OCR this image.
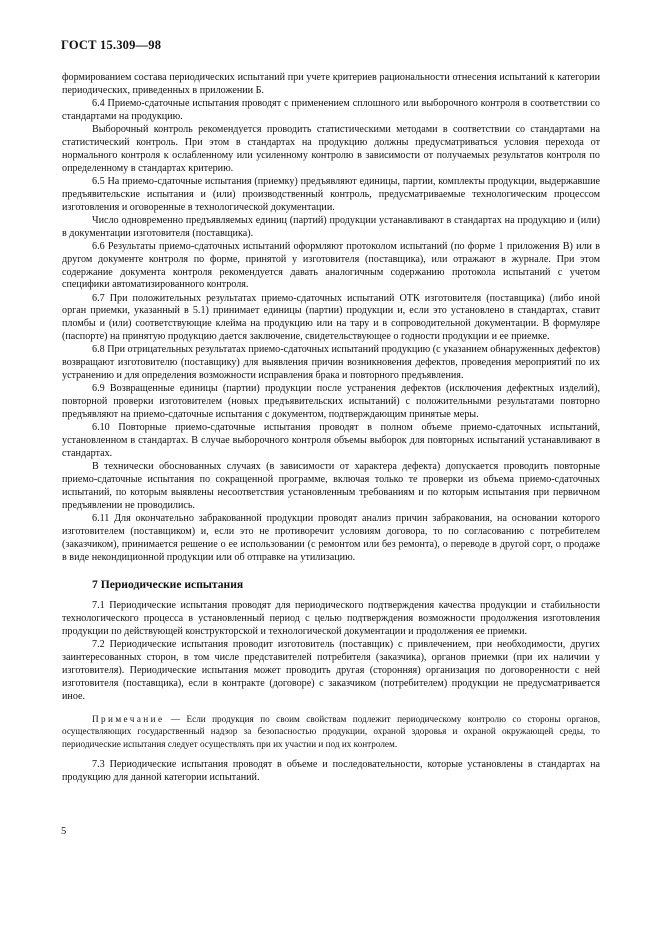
ГОСТ 15.309—98

формированием состава периодических испытаний при учете критериев рациональности отнесения испытаний к категории периодических, приведенных в приложении Б.

6.4 Приемо-сдаточные испытания проводят с применением сплошного или выборочного контроля в соответствии со стандартами на продукцию.

Выборочный контроль рекомендуется проводить статистическими методами в соответствии со стандартами на статистический контроль. При этом в стандартах на продукцию должны предусматриваться условия перехода от нормального контроля к ослабленному или усиленному контролю в зависимости от получаемых результатов контроля по определенному в стандартах критерию.

6.5 На приемо-сдаточные испытания (приемку) предъявляют единицы, партии, комплекты продукции, выдержавшие предъявительские испытания и (или) производственный контроль, предусматриваемые технологическим процессом изготовления и оговоренные в технологической документации.

Число одновременно предъявляемых единиц (партий) продукции устанавливают в стандартах на продукцию и (или) в документации изготовителя (поставщика).

6.6 Результаты приемо-сдаточных испытаний оформляют протоколом испытаний (по форме 1 приложения В) или в другом документе контроля по форме, принятой у изготовителя (поставщика), или отражают в журнале. При этом содержание документа контроля рекомендуется давать аналогичным содержанию протокола испытаний с учетом специфики автоматизированного контроля.

6.7 При положительных результатах приемо-сдаточных испытаний ОТК изготовителя (поставщика) (либо иной орган приемки, указанный в 5.1) принимает единицы (партии) продукции и, если это установлено в стандартах, ставит пломбы и (или) соответствующие клейма на продукцию или на тару и в сопроводительной документации. В формуляре (паспорте) на принятую продукцию дается заключение, свидетельствующее о годности продукции и ее приемке.

6.8 При отрицательных результатах приемо-сдаточных испытаний продукцию (с указанием обнаруженных дефектов) возвращают изготовителю (поставщику) для выявления причин возникновения дефектов, проведения мероприятий по их устранению и для определения возможности исправления брака и повторного предъявления.

6.9 Возвращенные единицы (партии) продукции после устранения дефектов (исключения дефектных изделий), повторной проверки изготовителем (новых предъявительских испытаний) с положительными результатами повторно предъявляют на приемо-сдаточные испытания с документом, подтверждающим принятые меры.

6.10 Повторные приемо-сдаточные испытания проводят в полном объеме приемо-сдаточных испытаний, установленном в стандартах. В случае выборочного контроля объемы выборок для повторных испытаний устанавливают в стандартах.

В технически обоснованных случаях (в зависимости от характера дефекта) допускается проводить повторные приемо-сдаточные испытания по сокращенной программе, включая только те проверки из объема приемо-сдаточных испытаний, по которым выявлены несоответствия установленным требованиям и по которым испытания при первичном предъявлении не проводились.

6.11 Для окончательно забракованной продукции проводят анализ причин забракования, на основании которого изготовителем (поставщиком) и, если это не противоречит условиям договора, то по согласованию с потребителем (заказчиком), принимается решение о ее использовании (с ремонтом или без ремонта), о переводе в другой сорт, о продаже в виде некондиционной продукции или об отправке на утилизацию.

7 Периодические испытания

7.1 Периодические испытания проводят для периодического подтверждения качества продукции и стабильности технологического процесса в установленный период с целью подтверждения возможности продолжения изготовления продукции по действующей конструкторской и технологической документации и продолжения ее приемки.

7.2 Периодические испытания проводит изготовитель (поставщик) с привлечением, при необходимости, других заинтересованных сторон, в том числе представителей потребителя (заказчика), органов приемки (при их наличии у изготовителя). Периодические испытания может проводить другая (сторонняя) организация по договоренности с ней изготовителя (поставщика), если в контракте (договоре) с заказчиком (потребителем) продукции не предусматривается иное.

Примечание — Если продукция по своим свойствам подлежит периодическому контролю со стороны органов, осуществляющих государственный надзор за безопасностью продукции, охраной здоровья и охраной окружающей среды, то периодические испытания следует осуществлять при их участии и под их контролем.

7.3 Периодические испытания проводят в объеме и последовательности, которые установлены в стандартах на продукцию для данной категории испытаний.

5
